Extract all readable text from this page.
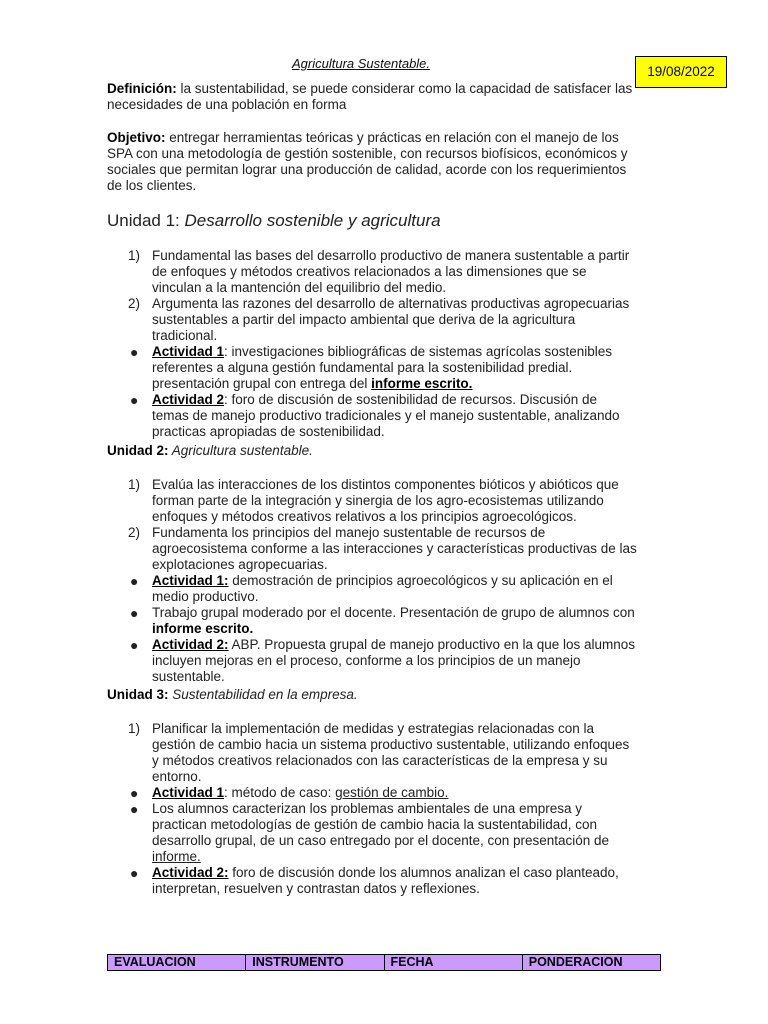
Agricultura Sustentable.
19/08/2022

Definición: la sustentabilidad, se puede considerar como la capacidad de satisfacer las necesidades de una población en forma

Objetivo: entregar herramientas teóricas y prácticas en relación con el manejo de los SPA con una metodología de gestión sostenible, con recursos biofísicos, económicos y sociales que permitan lograr una producción de calidad, acorde con los requerimientos de los clientes.

Unidad 1: Desarrollo sostenible y agricultura
1) Fundamental las bases del desarrollo productivo de manera sustentable a partir de enfoques y métodos creativos relacionados a las dimensiones que se vinculan a la mantención del equilibrio del medio.
2) Argumenta las razones del desarrollo de alternativas productivas agropecuarias sustentables a partir del impacto ambiental que deriva de la agricultura tradicional.
● Actividad 1: investigaciones bibliográficas de sistemas agrícolas sostenibles referentes a alguna gestión fundamental para la sostenibilidad predial. presentación grupal con entrega del informe escrito.
● Actividad 2: foro de discusión de sostenibilidad de recursos. Discusión de temas de manejo productivo tradicionales y el manejo sustentable, analizando practicas apropiadas de sostenibilidad.
Unidad 2: Agricultura sustentable.
1) Evalúa las interacciones de los distintos componentes bióticos y abióticos que forman parte de la integración y sinergia de los agro-ecosistemas utilizando enfoques y métodos creativos relativos a los principios agroecológicos.
2) Fundamenta los principios del manejo sustentable de recursos de agroecosistema conforme a las interacciones y características productivas de las explotaciones agropecuarias.
● Actividad 1: demostración de principios agroecológicos y su aplicación en el medio productivo.
● Trabajo grupal moderado por el docente. Presentación de grupo de alumnos con informe escrito.
● Actividad 2: ABP. Propuesta grupal de manejo productivo en la que los alumnos incluyen mejoras en el proceso, conforme a los principios de un manejo sustentable.
Unidad 3: Sustentabilidad en la empresa.
1) Planificar la implementación de medidas y estrategias relacionadas con la gestión de cambio hacia un sistema productivo sustentable, utilizando enfoques y métodos creativos relacionados con las características de la empresa y su entorno.
● Actividad 1: método de caso: gestión de cambio.
● Los alumnos caracterizan los problemas ambientales de una empresa y practican metodologías de gestión de cambio hacia la sustentabilidad, con desarrollo grupal, de un caso entregado por el docente, con presentación de informe.
● Actividad 2: foro de discusión donde los alumnos analizan el caso planteado, interpretan, resuelven y contrastan datos y reflexiones.
EVALUACION	INSTRUMENTO	FECHA	PONDERACION
